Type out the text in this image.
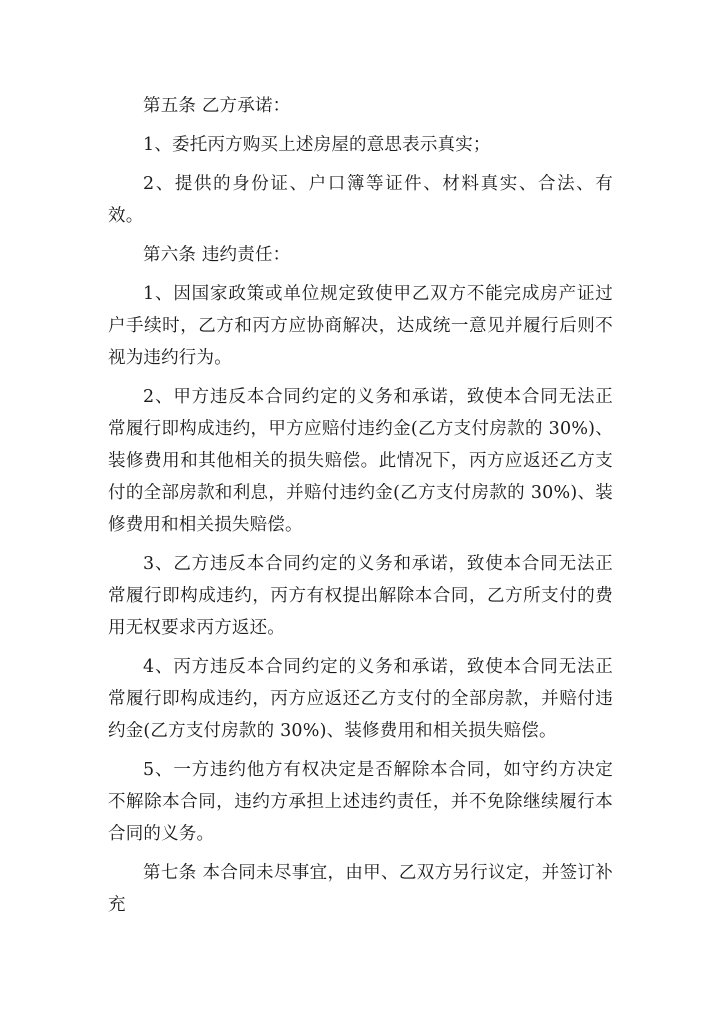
第五条 乙方承诺：

1、委托丙方购买上述房屋的意思表示真实；

2、提供的身份证、户口簿等证件、材料真实、合法、有效。

第六条 违约责任：

1、因国家政策或单位规定致使甲乙双方不能完成房产证过户手续时，乙方和丙方应协商解决，达成统一意见并履行后则不视为违约行为。

2、甲方违反本合同约定的义务和承诺，致使本合同无法正常履行即构成违约，甲方应赔付违约金(乙方支付房款的 30%)、装修费用和其他相关的损失赔偿。此情况下，丙方应返还乙方支付的全部房款和利息，并赔付违约金(乙方支付房款的 30%)、装修费用和相关损失赔偿。

3、乙方违反本合同约定的义务和承诺，致使本合同无法正常履行即构成违约，丙方有权提出解除本合同，乙方所支付的费用无权要求丙方返还。

4、丙方违反本合同约定的义务和承诺，致使本合同无法正常履行即构成违约，丙方应返还乙方支付的全部房款，并赔付违约金(乙方支付房款的 30%)、装修费用和相关损失赔偿。

5、一方违约他方有权决定是否解除本合同，如守约方决定不解除本合同，违约方承担上述违约责任，并不免除继续履行本合同的义务。

第七条 本合同未尽事宜，由甲、乙双方另行议定，并签订补充
